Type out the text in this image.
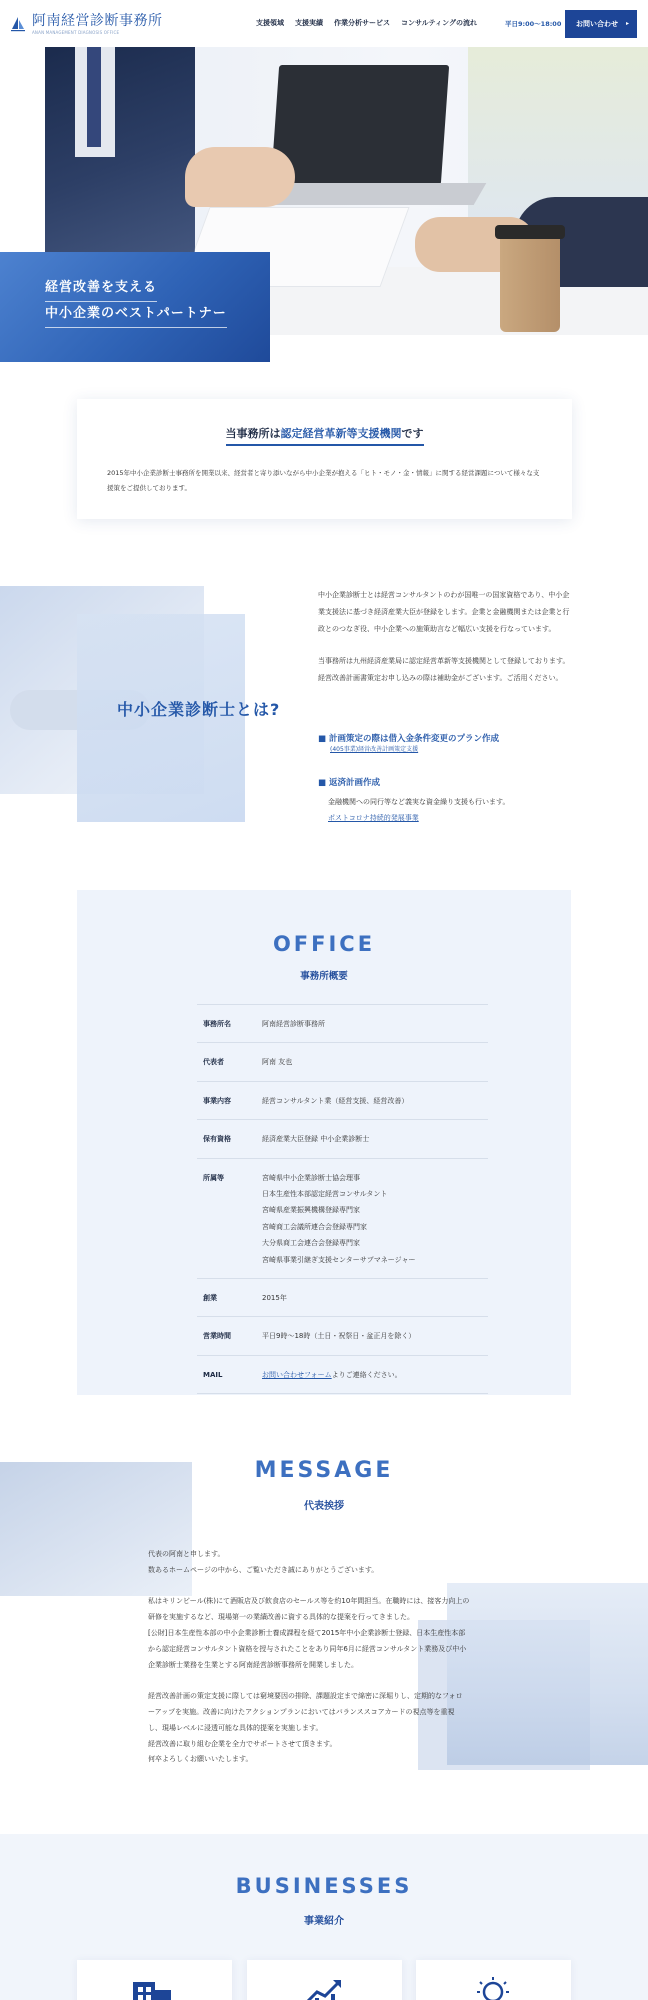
阿南経営診断事務所
ANAN MANAGEMENT DIAGNOSIS OFFICE
支援領域 支援実績 作業分析サービス コンサルティングの流れ	平日9:00〜18:00 お問い合わせ ▸
経営改善を支える
中小企業のベストパートナー
当事務所は認定経営革新等支援機関です

2015年中小企業診断士事務所を開業以来、経営者と寄り添いながら中小企業が抱える「ヒト・モノ・金・情報」に関する経営課題について様々な支援策をご提供しております。

中小企業診断士とは?

中小企業診断士とは経営コンサルタントのわが国唯一の国家資格であり、中小企業支援法に基づき経済産業大臣が登録をします。企業と金融機関または企業と行政とのつなぎ役、中小企業への施策助言など幅広い支援を行なっています。

当事務所は九州経済産業局に認定経営革新等支援機関として登録しております。経営改善計画書策定お申し込みの際は補助金がございます。ご活用ください。

■ 計画策定の際は借入金条件変更のプラン作成
(405事業)経営改善計画策定支援
■ 返済計画作成
金融機関への同行等など義実な資金繰り支援も行います。
ポストコロナ持続的発展事業
OFFICE
事務所概要
事務所名	阿南経営診断事務所
代表者	阿南 友也
事業内容	経営コンサルタント業（経営支援、経営改善）
保有資格	経済産業大臣登録 中小企業診断士
所属等	宮崎県中小企業診断士協会理事
日本生産性本部認定経営コンサルタント
宮崎県産業振興機構登録専門家
宮崎商工会議所連合会登録専門家
大分県商工会連合会登録専門家
宮崎県事業引継ぎ支援センターサブマネージャー
創業	2015年
営業時間	平日9時〜18時（土日・祝祭日・盆正月を除く）
MAIL	お問い合わせフォームよりご連絡ください。
MESSAGE
代表挨拶

代表の阿南と申します。
数あるホームページの中から、ご覧いただき誠にありがとうございます。

私はキリンビール(株)にて酒販店及び飲食店のセールス等を約10年間担当。在職時には、接客力向上の
研修を実施するなど、現場第一の業績改善に資する具体的な提案を行ってきました。
[公財]日本生産性本部の中小企業診断士養成課程を経て2015年中小企業診断士登録、日本生産性本部
から認定経営コンサルタント資格を授与されたことをあり同年6月に経営コンサルタント業務及び中小
企業診断士業務を生業とする阿南経営診断事務所を開業しました。

経営改善計画の策定支援に際しては窮境要因の排除、課題設定まで綿密に深堀りし、定期的なフォロ
ーアップを実施。改善に向けたアクションプランにおいてはバランススコアカードの視点等を重視
し、現場レベルに浸透可能な具体的提案を実施します。
経営改善に取り組む企業を全力でサポートさせて頂きます。
何卒よろしくお願いいたします。

BUSINESSES
事業紹介
